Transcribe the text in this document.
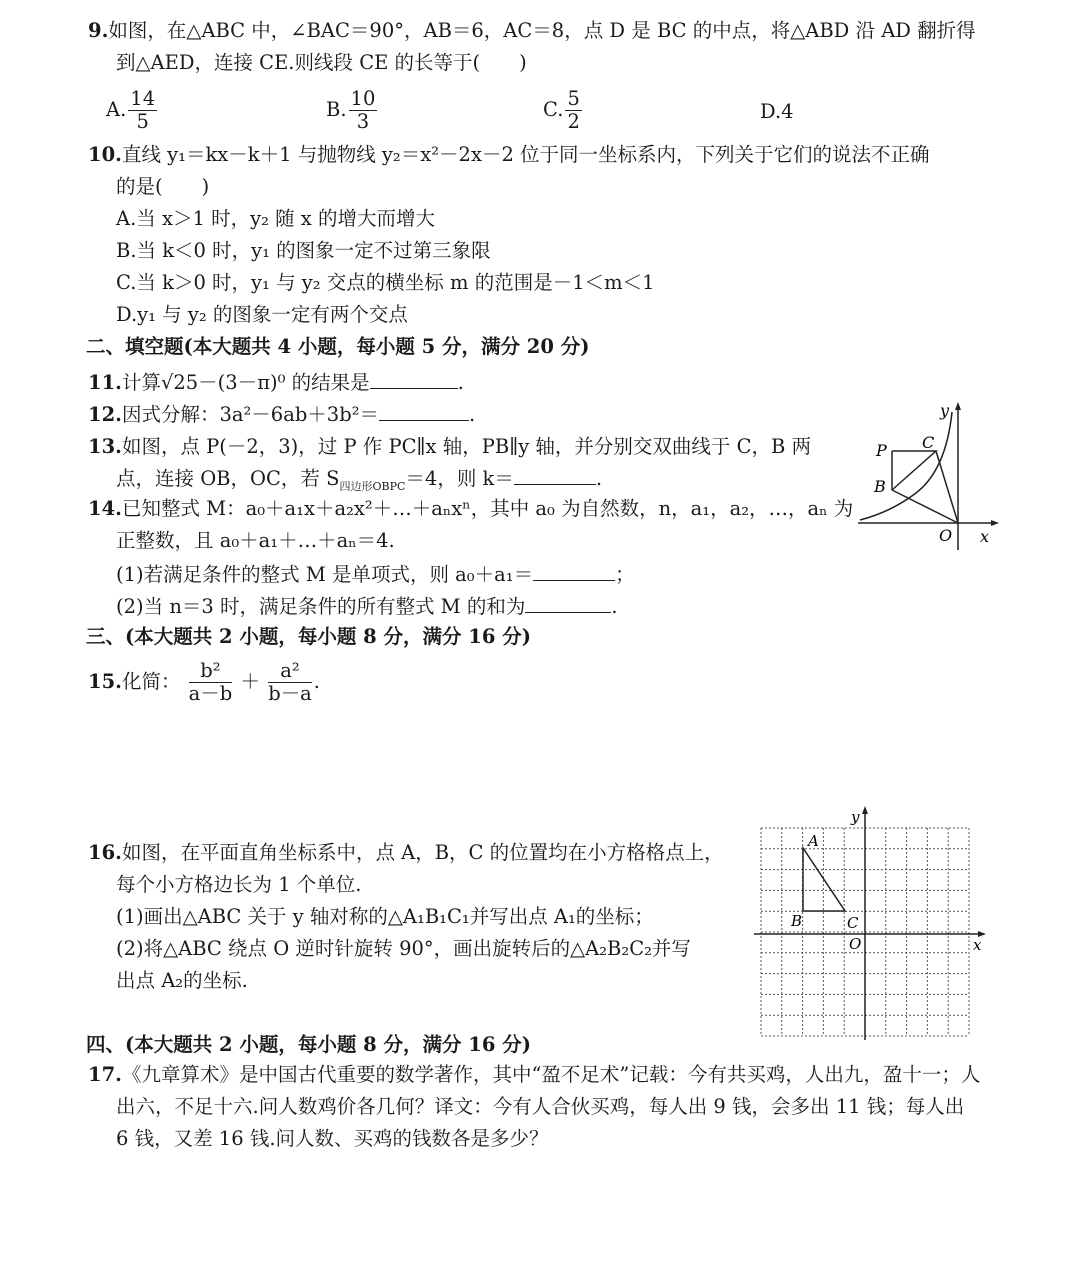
9.如图，在△ABC 中，∠BAC＝90°，AB＝6，AC＝8，点 D 是 BC 的中点，将△ABD 沿 AD 翻折得
到△AED，连接 CE.则线段 CE 的长等于(　　)
A. $\frac{14}{5}$	B. $\frac{10}{3}$	C. $\frac{5}{2}$	D.4
10.直线 y₁＝kx－k＋1 与抛物线 y₂＝x²－2x－2 位于同一坐标系内，下列关于它们的说法不正确
的是(　　)
A.当 x＞1 时，y₂ 随 x 的增大而增大
B.当 k＜0 时，y₁ 的图象一定不过第三象限
C.当 k＞0 时，y₁ 与 y₂ 交点的横坐标 m 的范围是－1＜m＜1
D.y₁ 与 y₂ 的图象一定有两个交点
二、填空题(本大题共 4 小题，每小题 5 分，满分 20 分)
11.计算√25－(3－π)⁰ 的结果是	.
12.因式分解：3a²－6ab＋3b²＝	.
13.如图，点 P(－2，3)，过 P 作 PC∥x 轴，PB∥y 轴，并分别交双曲线于 C，B 两
点，连接 OB，OC，若 $S_{四边形OBPC}=4$，则 k＝	.
14.已知整式 M：a₀＋a₁x＋a₂x²＋…＋aₙxⁿ，其中 a₀ 为自然数，n，a₁，a₂，…，aₙ 为
正整数，且 a₀＋a₁＋…＋aₙ＝4.
(1)若满足条件的整式 M 是单项式，则 a₀＋a₁＝	；
(2)当 n＝3 时，满足条件的所有整式 M 的和为	.
y
x
O
P C
B
三、(本大题共 2 小题，每小题 8 分，满分 16 分)
15.化简： $\frac{\text{b²}}{a-b} + \frac{\text{a²}}{b-a}$ .
16.如图，在平面直角坐标系中，点 A，B，C 的位置均在小方格格点上，
每个小方格边长为 1 个单位.
(1)画出△ABC 关于 y 轴对称的△A₁B₁C₁并写出点 A₁的坐标；
(2)将△ABC 绕点 O 逆时针旋转 90°，画出旋转后的△A₂B₂C₂并写
出点 A₂的坐标.
y
x
O
A
B	C
四、(本大题共 2 小题，每小题 8 分，满分 16 分)
17.《九章算术》是中国古代重要的数学著作，其中“盈不足术”记载：今有共买鸡，人出九，盈十一；人
出六，不足十六.问人数鸡价各几何？译文：今有人合伙买鸡，每人出 9 钱，会多出 11 钱；每人出
6 钱，又差 16 钱.问人数、买鸡的钱数各是多少？
